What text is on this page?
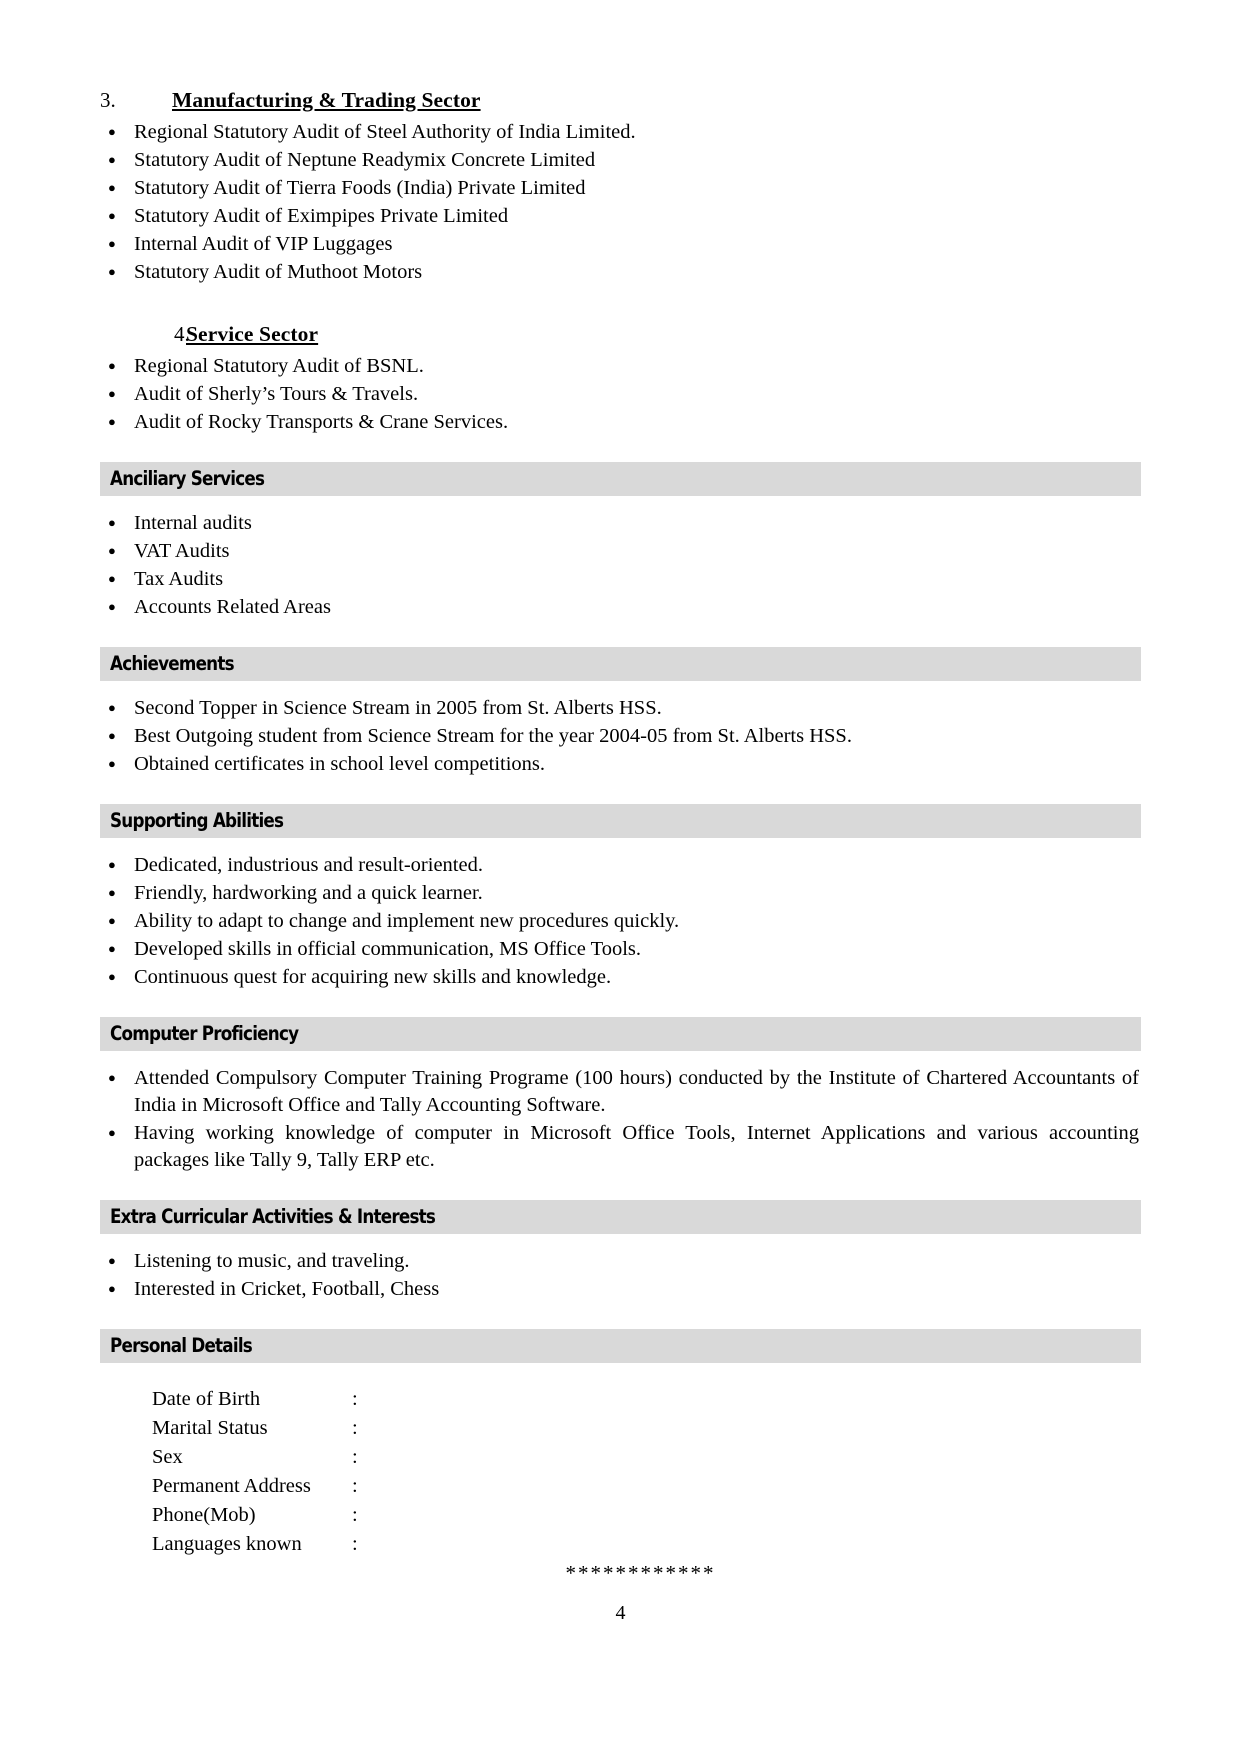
3.	Manufacturing & Trading Sector
● Regional Statutory Audit of Steel Authority of India Limited.
● Statutory Audit of Neptune Readymix Concrete Limited
● Statutory Audit of Tierra Foods (India) Private Limited
● Statutory Audit of Eximpipes Private Limited
● Internal Audit of VIP Luggages
● Statutory Audit of Muthoot Motors
4.
Service Sector
● Regional Statutory Audit of BSNL.
● Audit of Sherly’s Tours & Travels.
● Audit of Rocky Transports & Crane Services.
Anciliary Services
● Internal audits
● VAT Audits
● Tax Audits
● Accounts Related Areas
Achievements
● Second Topper in Science Stream in 2005 from St. Alberts HSS.
● Best Outgoing student from Science Stream for the year 2004-05 from St. Alberts HSS.
● Obtained certificates in school level competitions.
Supporting Abilities
● Dedicated, industrious and result-oriented.
● Friendly, hardworking and a quick learner.
● Ability to adapt to change and implement new procedures quickly.
● Developed skills in official communication, MS Office Tools.
● Continuous quest for acquiring new skills and knowledge.
Computer Proficiency
● Attended Compulsory Computer Training Programe (100 hours) conducted by the Institute of Chartered Accountants of India in Microsoft Office and Tally Accounting Software.
● Having working knowledge of computer in Microsoft Office Tools, Internet Applications and various accounting packages like Tally 9, Tally ERP etc.
Extra Curricular Activities & Interests
● Listening to music, and traveling.
● Interested in Cricket, Football, Chess
Personal Details
Date of Birth	:
Marital Status	:
Sex	:
Permanent Address	:
Phone(Mob)	:
Languages known	:
************
4
